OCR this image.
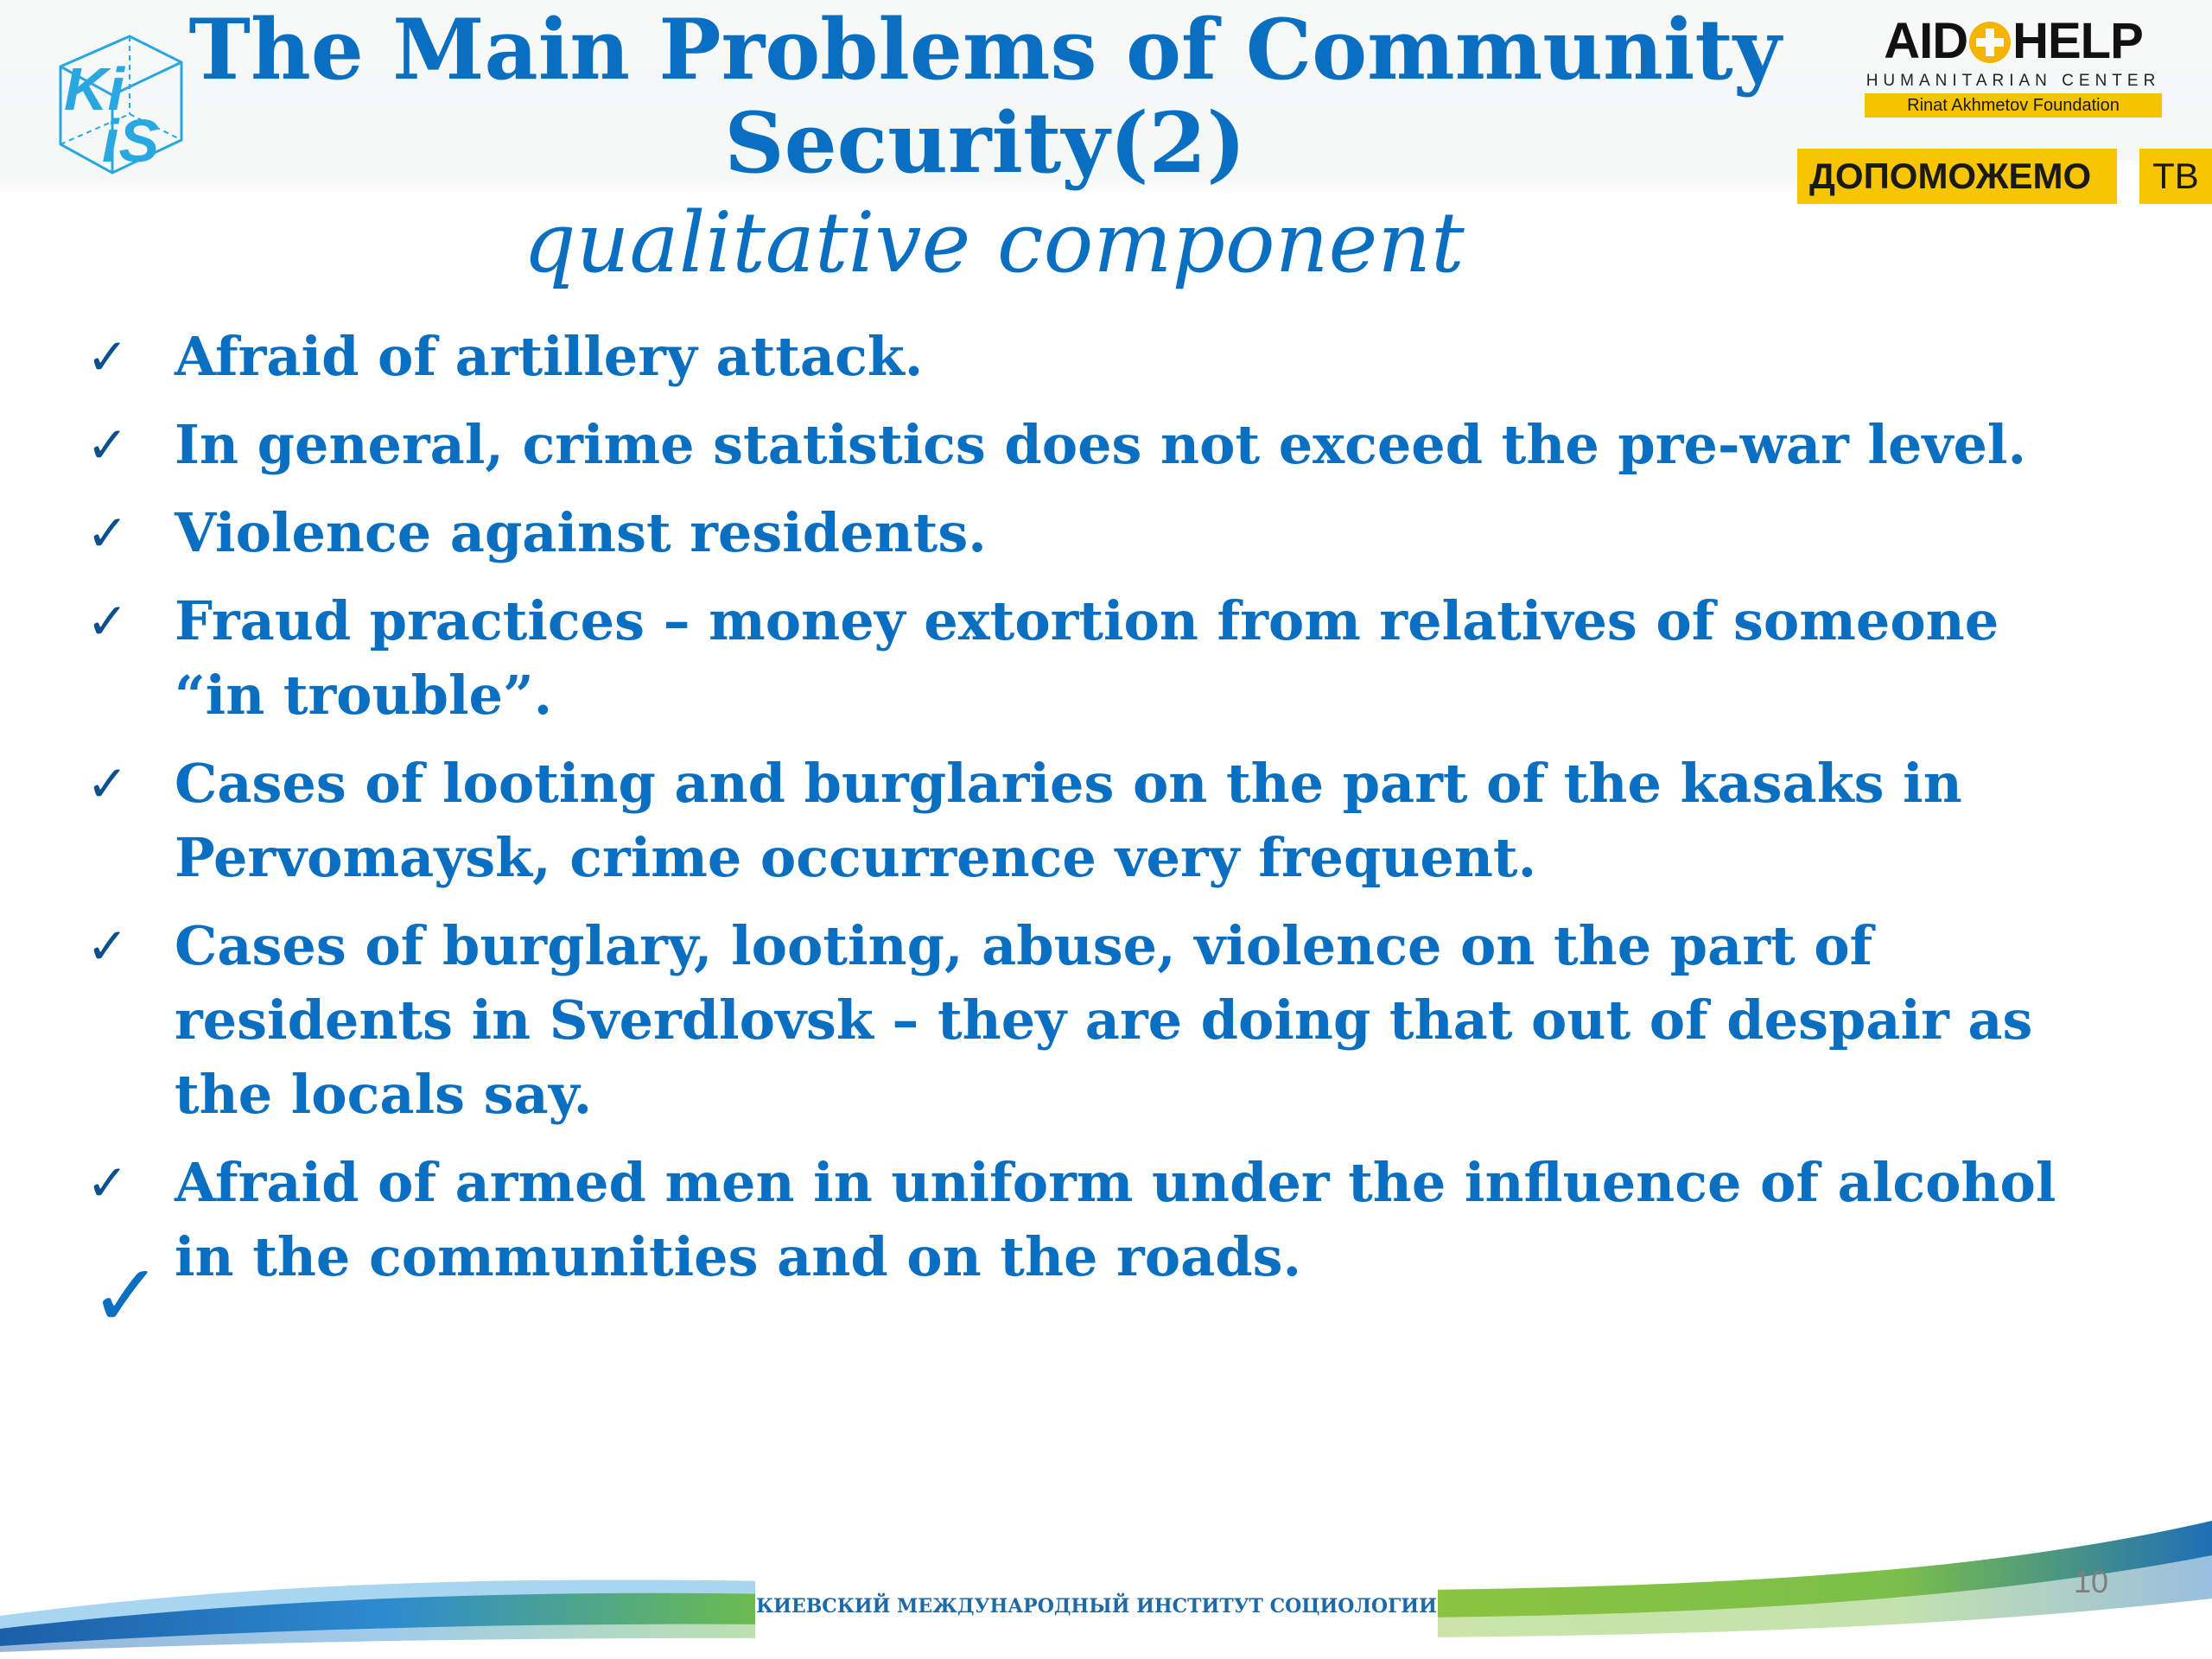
Ki
iS
The Main Problems of Community Security(2)
qualitative component
AID HELP
HUMANITARIAN CENTER
Rinat Akhmetov Foundation
ДОПОМОЖЕМО	ТВ
✓ Afraid of artillery attack.
✓ In general, crime statistics does not exceed the pre-war level.
✓ Violence against residents.
✓ Fraud practices – money extortion from relatives of someone “in trouble”.
✓ Cases of looting and burglaries on the part of the kasaks in Pervomaysk, crime occurrence very frequent.
✓ Cases of burglary, looting, abuse, violence on the part of residents in Sverdlovsk – they are doing that out of despair as the locals say.
✓ Afraid of armed men in uniform under the influence of alcohol in the communities and on the roads.
✓
КИЕВСКИЙ МЕЖДУНАРОДНЫЙ ИНСТИТУТ СОЦИОЛОГИИ
10
